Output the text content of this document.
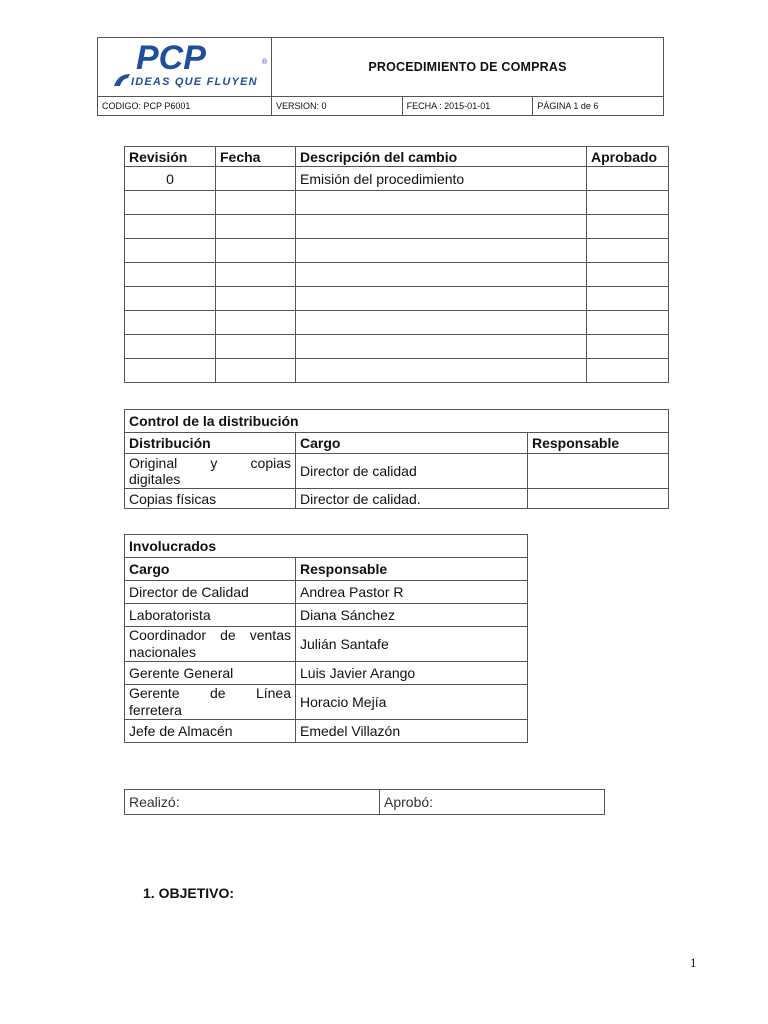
PCP
IDEAS QUE FLUYEN
®	PROCEDIMIENTO DE COMPRAS		
CODIGO: PCP P6001	VERSION: 0	FECHA : 2015-01-01	PÁGINA 1 de 6
Revisión	Fecha	Descripción del cambio	Aprobado
0		Emisión del procedimiento	

Control de la distribución		
Distribución	Cargo	Responsable

Original y copias
digitales	Director de calidad	
Copias físicas	Director de calidad.	
Involucrados	
Cargo	Responsable
Director de Calidad	Andrea Pastor R
Laboratorista	Diana Sánchez

Coordinador de ventas
nacionales	Julián Santafe
Gerente General	Luis Javier Arango

Gerente de Línea
ferretera	Horacio Mejía
Jefe de Almacén	Emedel Villazón
Realizó:	Aprobó:
1. OBJETIVO:
1
